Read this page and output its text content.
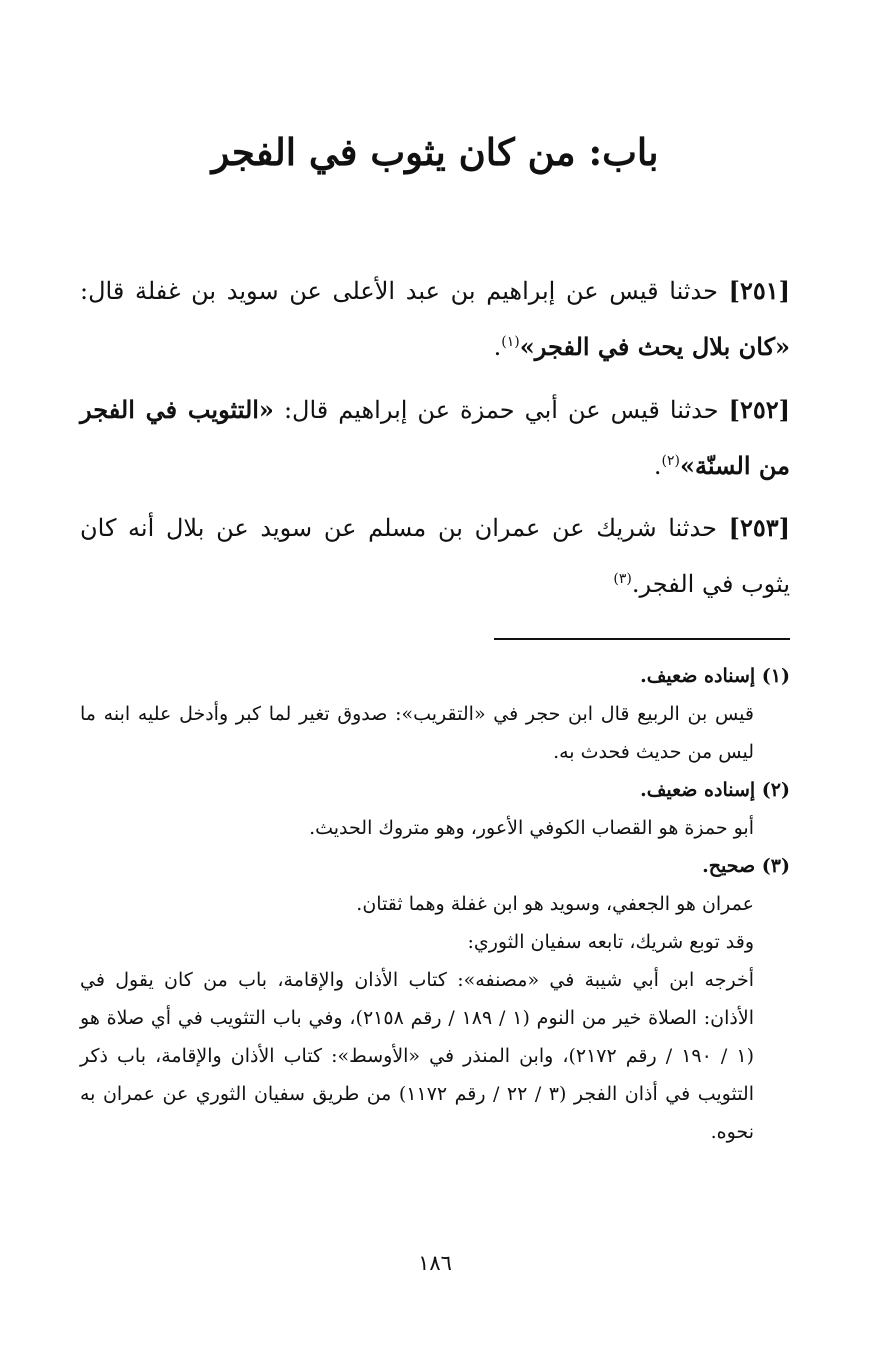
باب: من كان يثوب في الفجر

[٢٥١] حدثنا قيس عن إبراهيم بن عبد الأعلى عن سويد بن غفلة قال: «كان بلال يحث في الفجر»$^{(١)}$.

[٢٥٢] حدثنا قيس عن أبي حمزة عن إبراهيم قال: «التثويب في الفجر من السنّة»$^{(٢)}$.

[٢٥٣] حدثنا شريك عن عمران بن مسلم عن سويد عن بلال أنه كان يثوب في الفجر.$^{(٣)}$

(١) إسناده ضعيف.

قيس بن الربيع قال ابن حجر في «التقريب»: صدوق تغير لما كبر وأدخل عليه ابنه ما ليس من حديث فحدث به.

(٢) إسناده ضعيف.

أبو حمزة هو القصاب الكوفي الأعور، وهو متروك الحديث.

(٣) صحيح.

عمران هو الجعفي، وسويد هو ابن غفلة وهما ثقتان.

وقد توبع شريك، تابعه سفيان الثوري:

أخرجه ابن أبي شيبة في «مصنفه»: كتاب الأذان والإقامة، باب من كان يقول في الأذان: الصلاة خير من النوم (١ / ١٨٩ / رقم ٢١٥٨)، وفي باب التثويب في أي صلاة هو (١ / ١٩٠ / رقم ٢١٧٢)، وابن المنذر في «الأوسط»: كتاب الأذان والإقامة، باب ذكر التثويب في أذان الفجر (٣ / ٢٢ / رقم ١١٧٢) من طريق سفيان الثوري عن عمران به نحوه.

١٨٦
